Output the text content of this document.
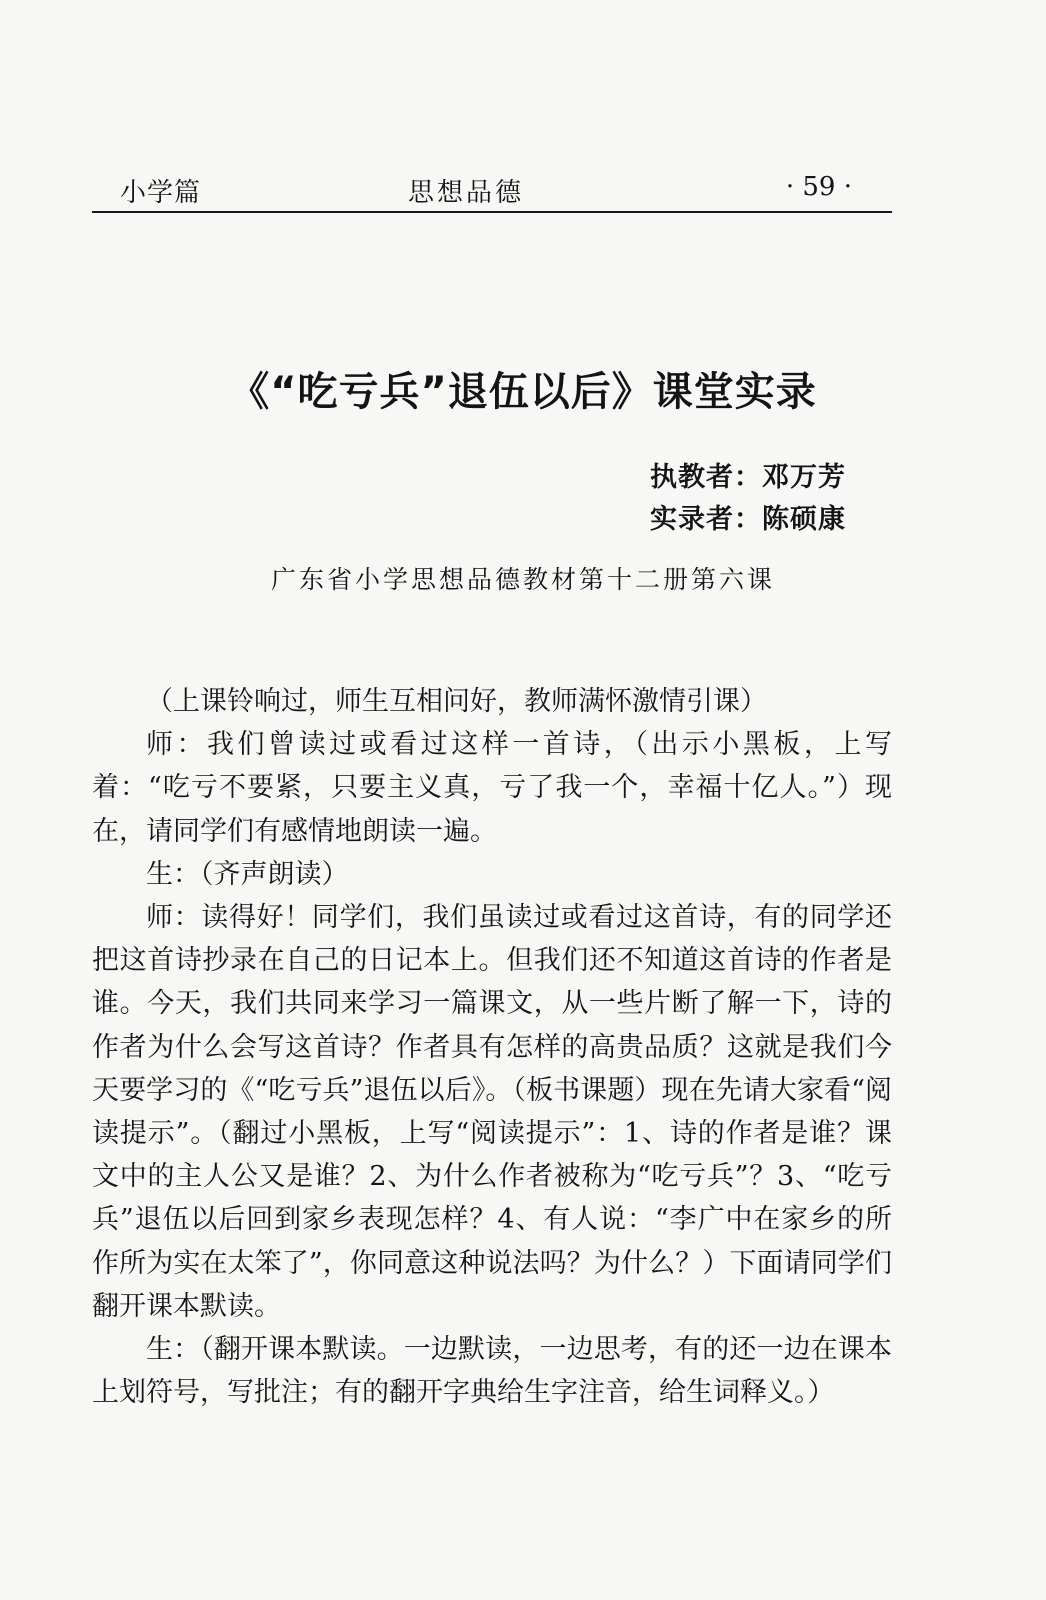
小学篇	思想品德	· 59 ·
《“吃亏兵”退伍以后》课堂实录
执教者：邓万芳
实录者：陈硕康
广东省小学思想品德教材第十二册第六课

（上课铃响过，师生互相问好，教师满怀激情引课）

师：我们曾读过或看过这样一首诗，（出示小黑板，上写着：“吃亏不要紧，只要主义真，亏了我一个，幸福十亿人。”）现在，请同学们有感情地朗读一遍。

生：（齐声朗读）

师：读得好！同学们，我们虽读过或看过这首诗，有的同学还把这首诗抄录在自己的日记本上。但我们还不知道这首诗的作者是谁。今天，我们共同来学习一篇课文，从一些片断了解一下，诗的作者为什么会写这首诗？作者具有怎样的高贵品质？这就是我们今天要学习的《“吃亏兵”退伍以后》。（板书课题）现在先请大家看“阅读提示”。（翻过小黑板，上写“阅读提示”：1、诗的作者是谁？课文中的主人公又是谁？2、为什么作者被称为“吃亏兵”？3、“吃亏兵”退伍以后回到家乡表现怎样？4、有人说：“李广中在家乡的所作所为实在太笨了”，你同意这种说法吗？为什么？）下面请同学们翻开课本默读。

生：（翻开课本默读。一边默读，一边思考，有的还一边在课本上划符号，写批注；有的翻开字典给生字注音，给生词释义。）
